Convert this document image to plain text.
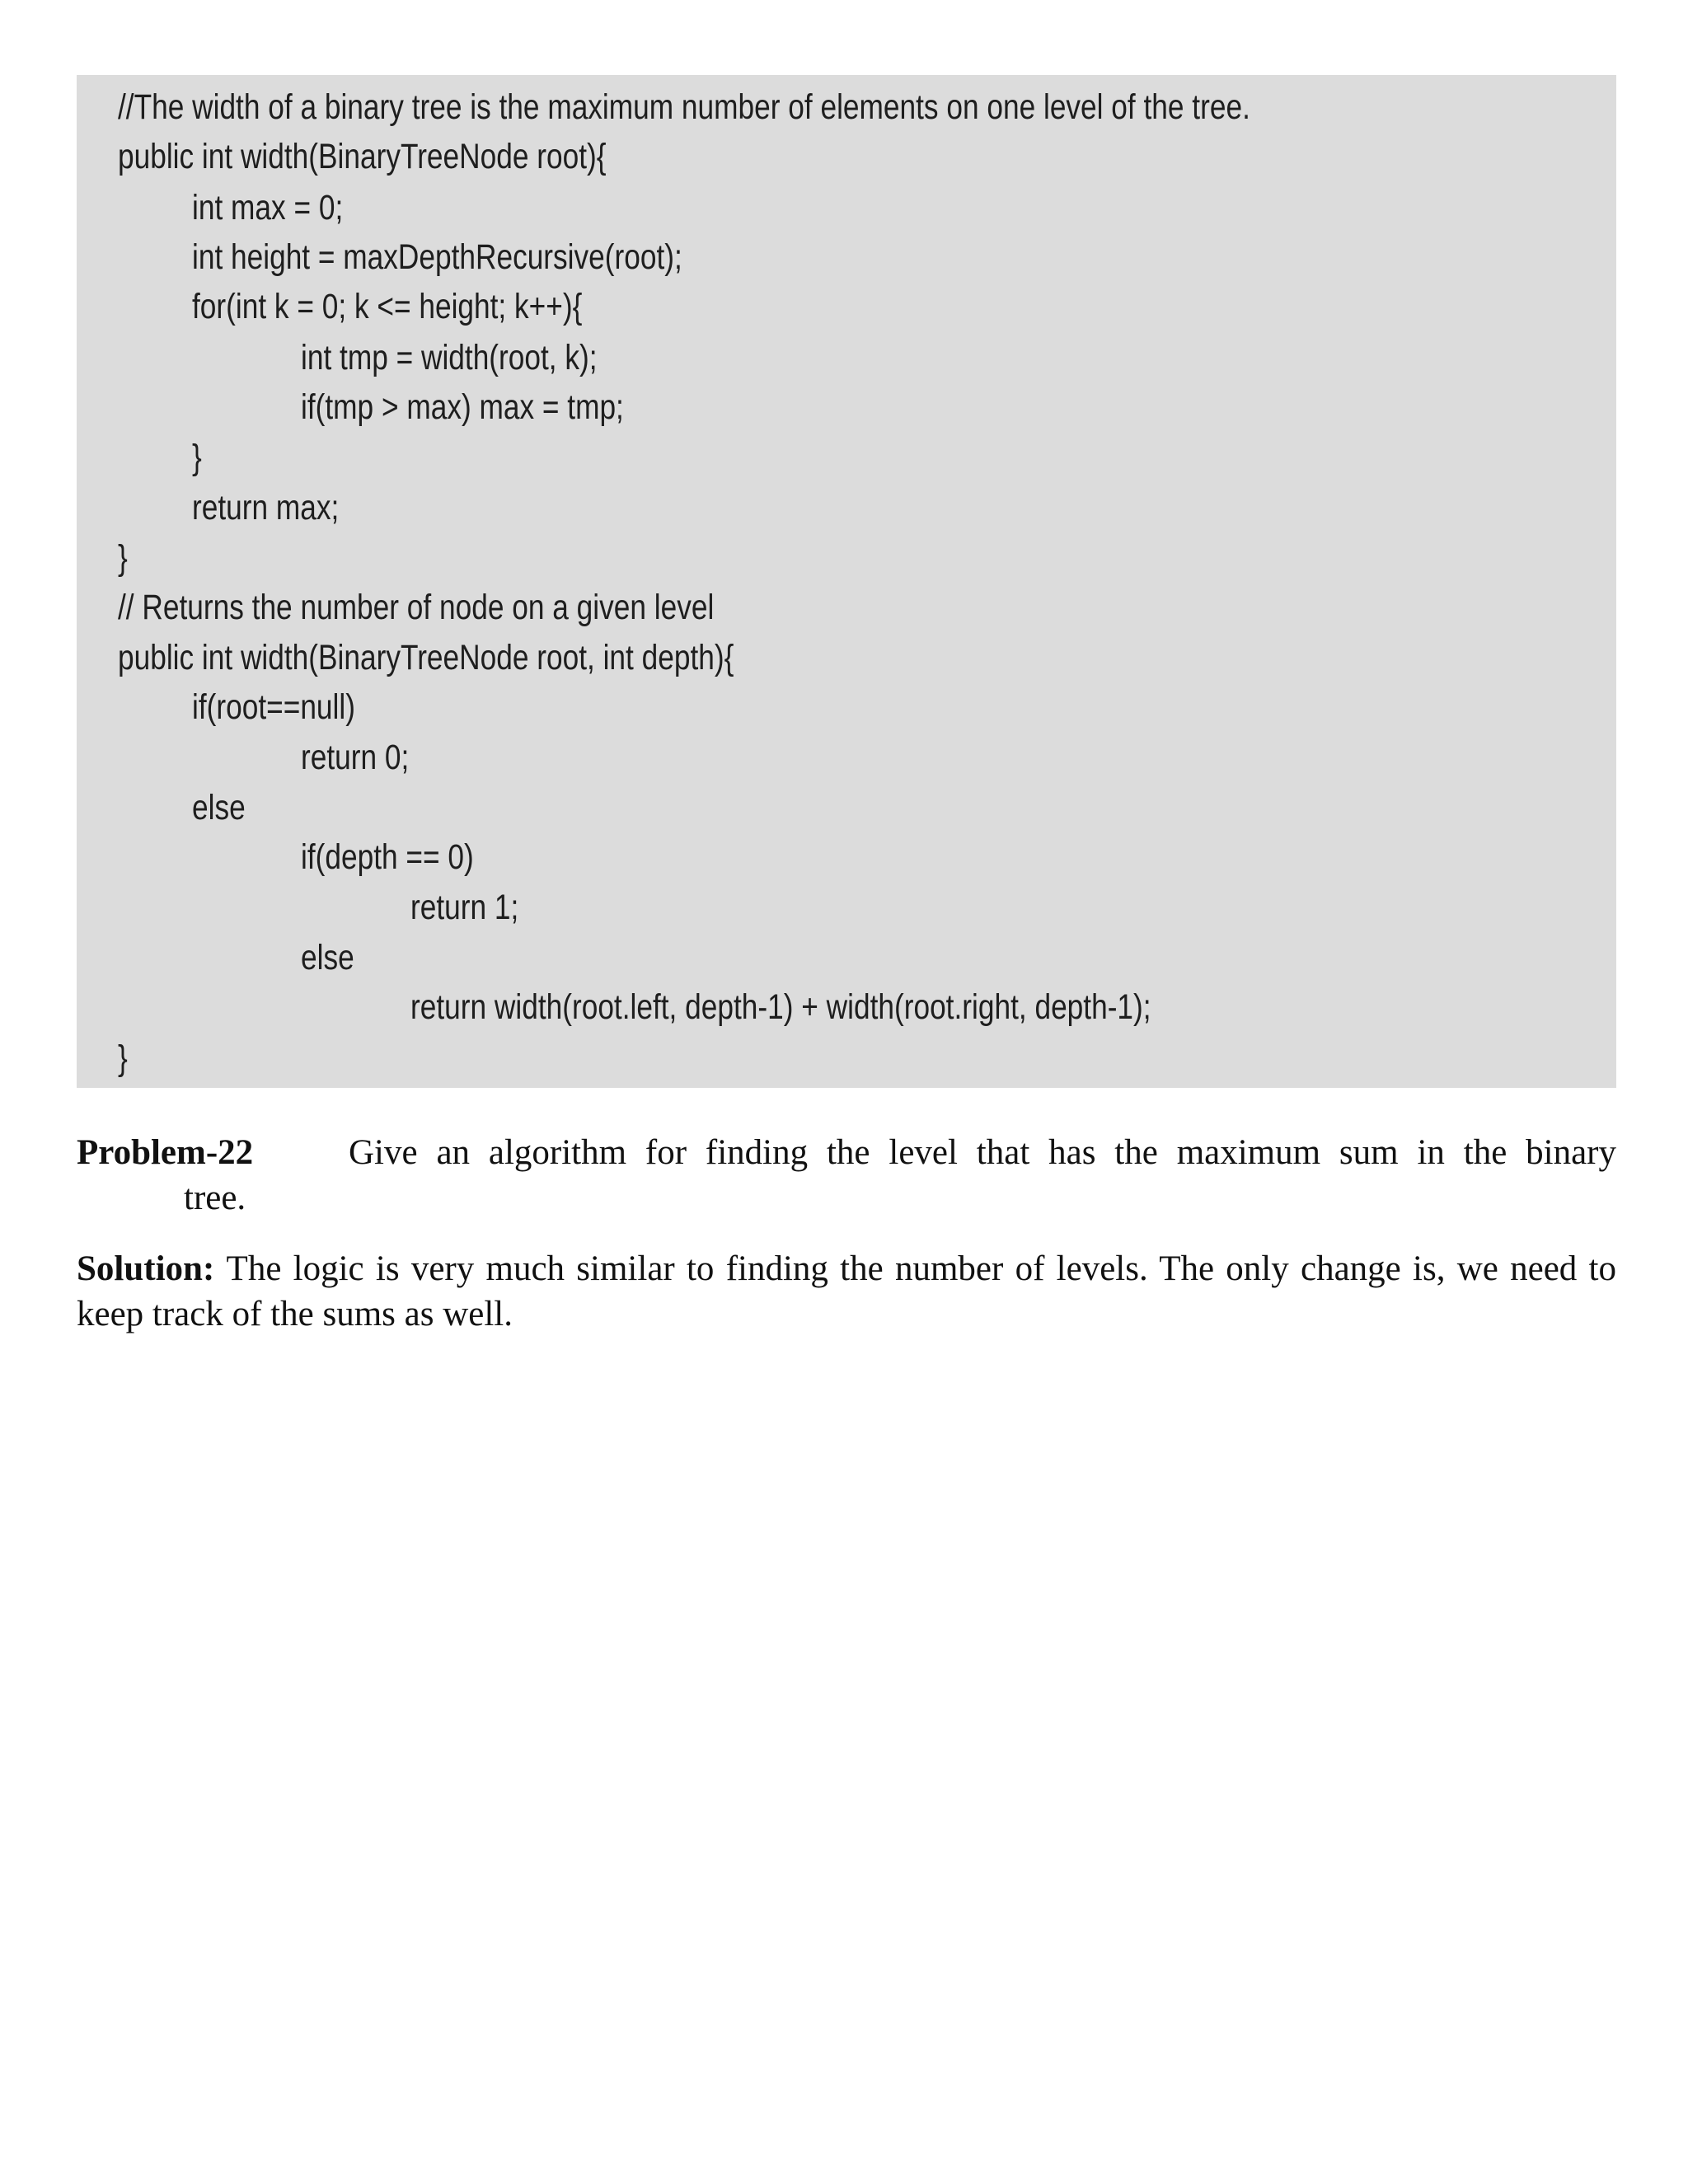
//The width of a binary tree is the maximum number of elements on one level of the tree.
public int width(BinaryTreeNode root){
int max = 0;
int height = maxDepthRecursive(root);
for(int k = 0; k <= height; k++){
int tmp = width(root, k);
if(tmp > max) max = tmp;
}
return max;
}
// Returns the number of node on a given level
public int width(BinaryTreeNode root, int depth){
if(root==null)
return 0;
else
if(depth == 0)
return 1;
else
return width(root.left, depth-1) + width(root.right, depth-1);
}
Problem-22	Give an algorithm for finding the level that has the maximum sum in the binary
tree.
Solution: The logic is very much similar to finding the number of levels. The only change is, we need to keep track of the sums as well.
